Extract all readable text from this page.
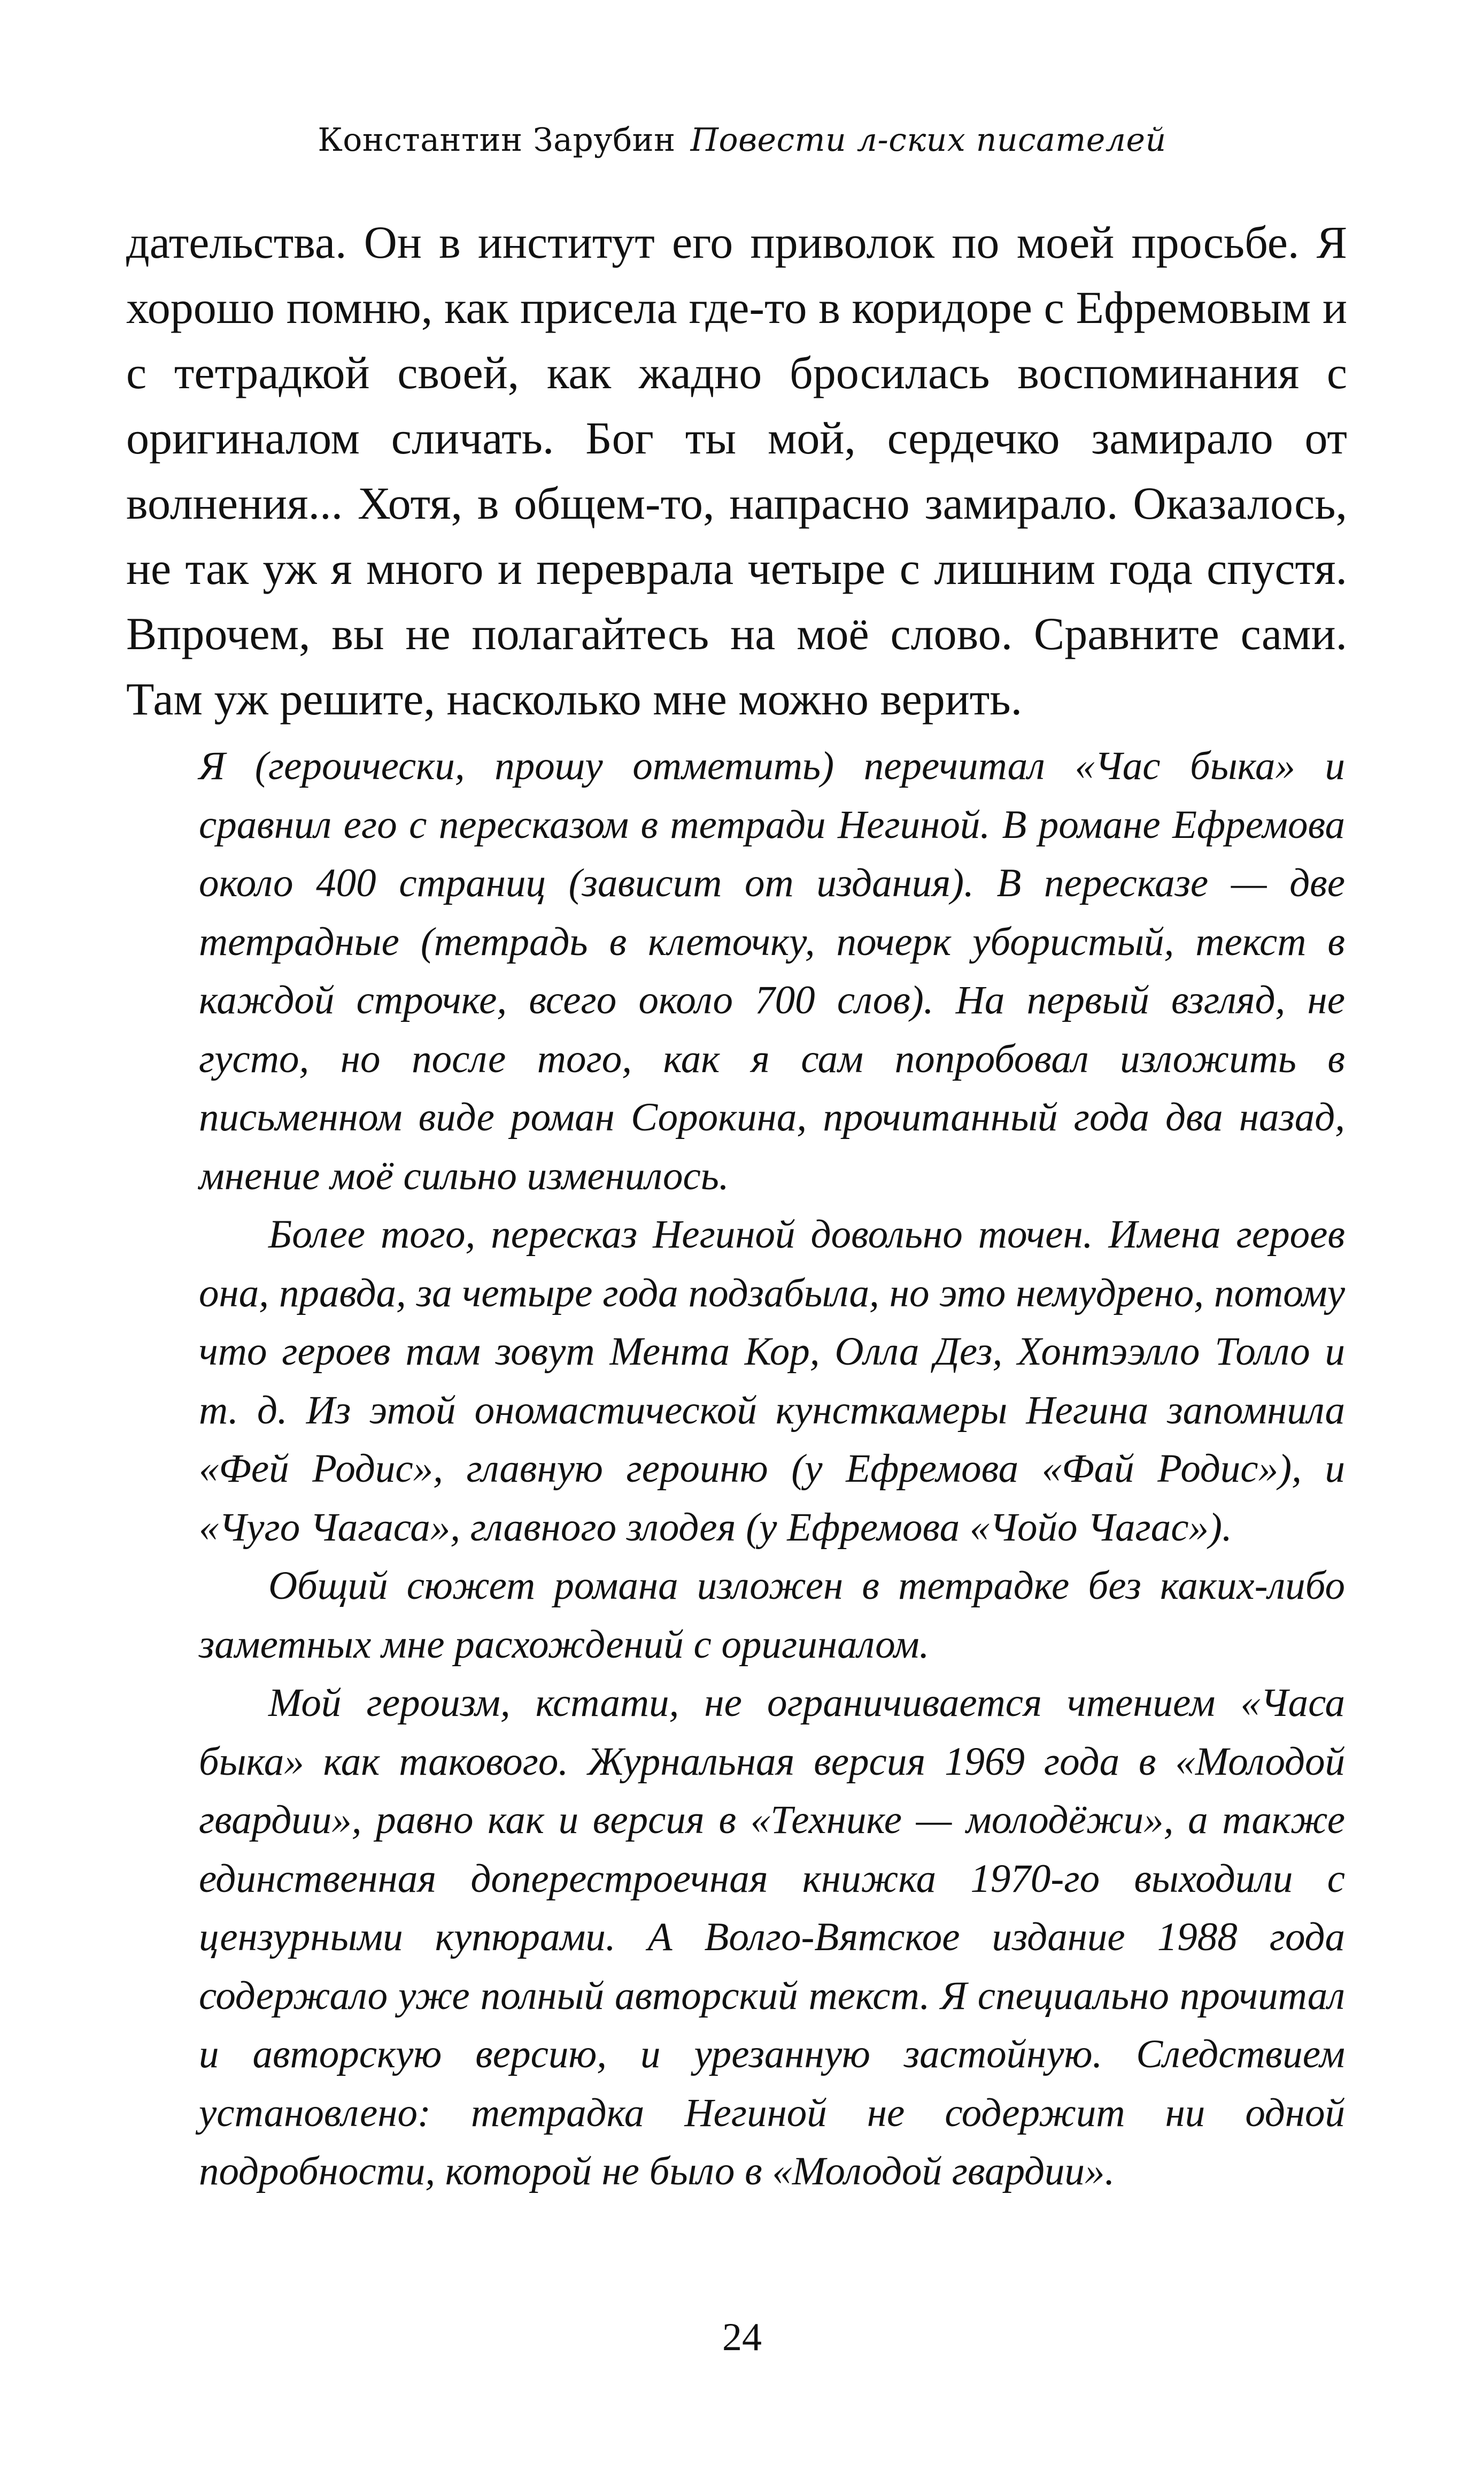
Константин Зарубин Повести л-ских писателей

дательства. Он в институт его приволок по моей просьбе. Я хорошо помню, как присела где-то в коридоре с Ефремовым и с тетрадкой своей, как жадно бросилась воспоминания с оригиналом сличать. Бог ты мой, сердечко замирало от волнения... Хотя, в общем-то, напрасно замирало. Оказалось, не так уж я много и переврала четыре с лишним года спустя. Впрочем, вы не полагайтесь на моё слово. Сравните сами. Там уж решите, насколько мне можно верить.

Я (героически, прошу отметить) перечитал «Час быка» и сравнил его с пересказом в тетради Негиной. В романе Ефремова около 400 страниц (зависит от издания). В пересказе — две тетрадные (тетрадь в клеточку, почерк убористый, текст в каждой строчке, всего около 700 слов). На первый взгляд, не густо, но после того, как я сам попробовал изложить в письменном виде роман Сорокина, прочитанный года два назад, мнение моё сильно изменилось.

Более того, пересказ Негиной довольно точен. Имена героев она, правда, за четыре года подзабыла, но это немудрено, потому что героев там зовут Мента Кор, Олла Дез, Хонтээлло Толло и т. д. Из этой ономастической кунсткамеры Негина запомнила «Фей Родис», главную героиню (у Ефремова «Фай Родис»), и «Чуго Чагаса», главного злодея (у Ефремова «Чойо Чагас»).

Общий сюжет романа изложен в тетрадке без каких-либо заметных мне расхождений с оригиналом.

Мой героизм, кстати, не ограничивается чтением «Часа быка» как такового. Журнальная версия 1969 года в «Молодой гвардии», равно как и версия в «Технике — молодёжи», а также единственная доперестроечная книжка 1970-го выходили с цензурными купюрами. А Волго-Вятское издание 1988 года содержало уже полный авторский текст. Я специально прочитал и авторскую версию, и урезанную застойную. Следствием установлено: тетрадка Негиной не содержит ни одной подробности, которой не было в «Молодой гвардии».

24
